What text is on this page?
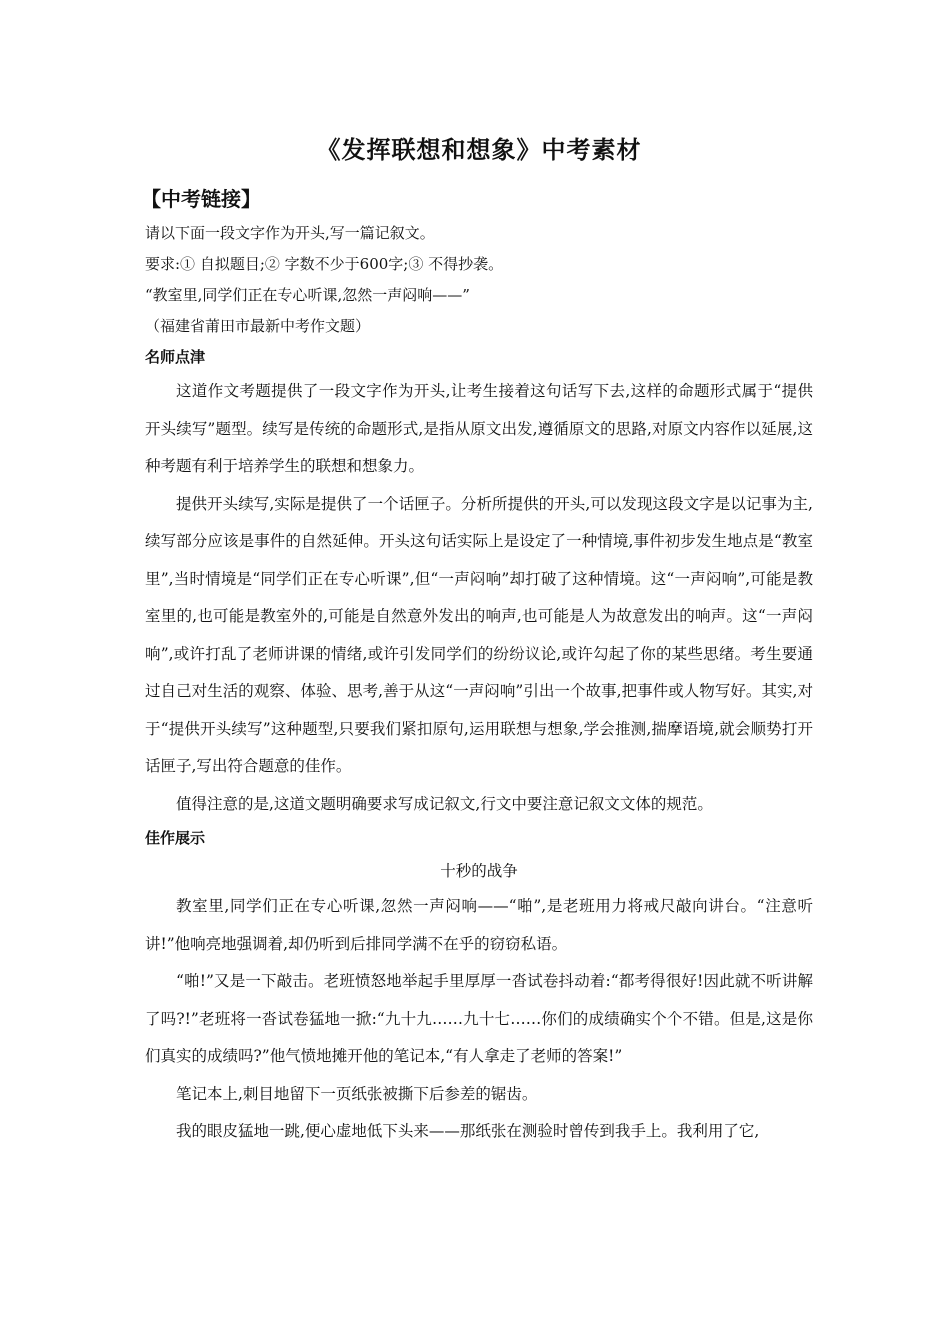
《发挥联想和想象》中考素材
【中考链接】

请以下面一段文字作为开头,写一篇记叙文。

要求:① 自拟题目;② 字数不少于600字;③ 不得抄袭。

“教室里,同学们正在专心听课,忽然一声闷响——”

（福建省莆田市最新中考作文题）

名师点津

这道作文考题提供了一段文字作为开头,让考生接着这句话写下去,这样的命题形式属于“提供开头续写”题型。续写是传统的命题形式,是指从原文出发,遵循原文的思路,对原文内容作以延展,这种考题有利于培养学生的联想和想象力。

提供开头续写,实际是提供了一个话匣子。分析所提供的开头,可以发现这段文字是以记事为主,续写部分应该是事件的自然延伸。开头这句话实际上是设定了一种情境,事件初步发生地点是“教室里”,当时情境是“同学们正在专心听课”,但“一声闷响”却打破了这种情境。这“一声闷响”,可能是教室里的,也可能是教室外的,可能是自然意外发出的响声,也可能是人为故意发出的响声。这“一声闷响”,或许打乱了老师讲课的情绪,或许引发同学们的纷纷议论,或许勾起了你的某些思绪。考生要通过自己对生活的观察、体验、思考,善于从这“一声闷响”引出一个故事,把事件或人物写好。其实,对于“提供开头续写”这种题型,只要我们紧扣原句,运用联想与想象,学会推测,揣摩语境,就会顺势打开话匣子,写出符合题意的佳作。

值得注意的是,这道文题明确要求写成记叙文,行文中要注意记叙文文体的规范。

佳作展示

十秒的战争

教室里,同学们正在专心听课,忽然一声闷响——“啪”,是老班用力将戒尺敲向讲台。“注意听讲!”他响亮地强调着,却仍听到后排同学满不在乎的窃窃私语。

“啪!”又是一下敲击。老班愤怒地举起手里厚厚一沓试卷抖动着:“都考得很好!因此就不听讲解了吗?!”老班将一沓试卷猛地一掀:“九十九……九十七……你们的成绩确实个个不错。但是,这是你们真实的成绩吗?”他气愤地摊开他的笔记本,“有人拿走了老师的答案!”

笔记本上,刺目地留下一页纸张被撕下后参差的锯齿。

我的眼皮猛地一跳,便心虚地低下头来——那纸张在测验时曾传到我手上。我利用了它,
